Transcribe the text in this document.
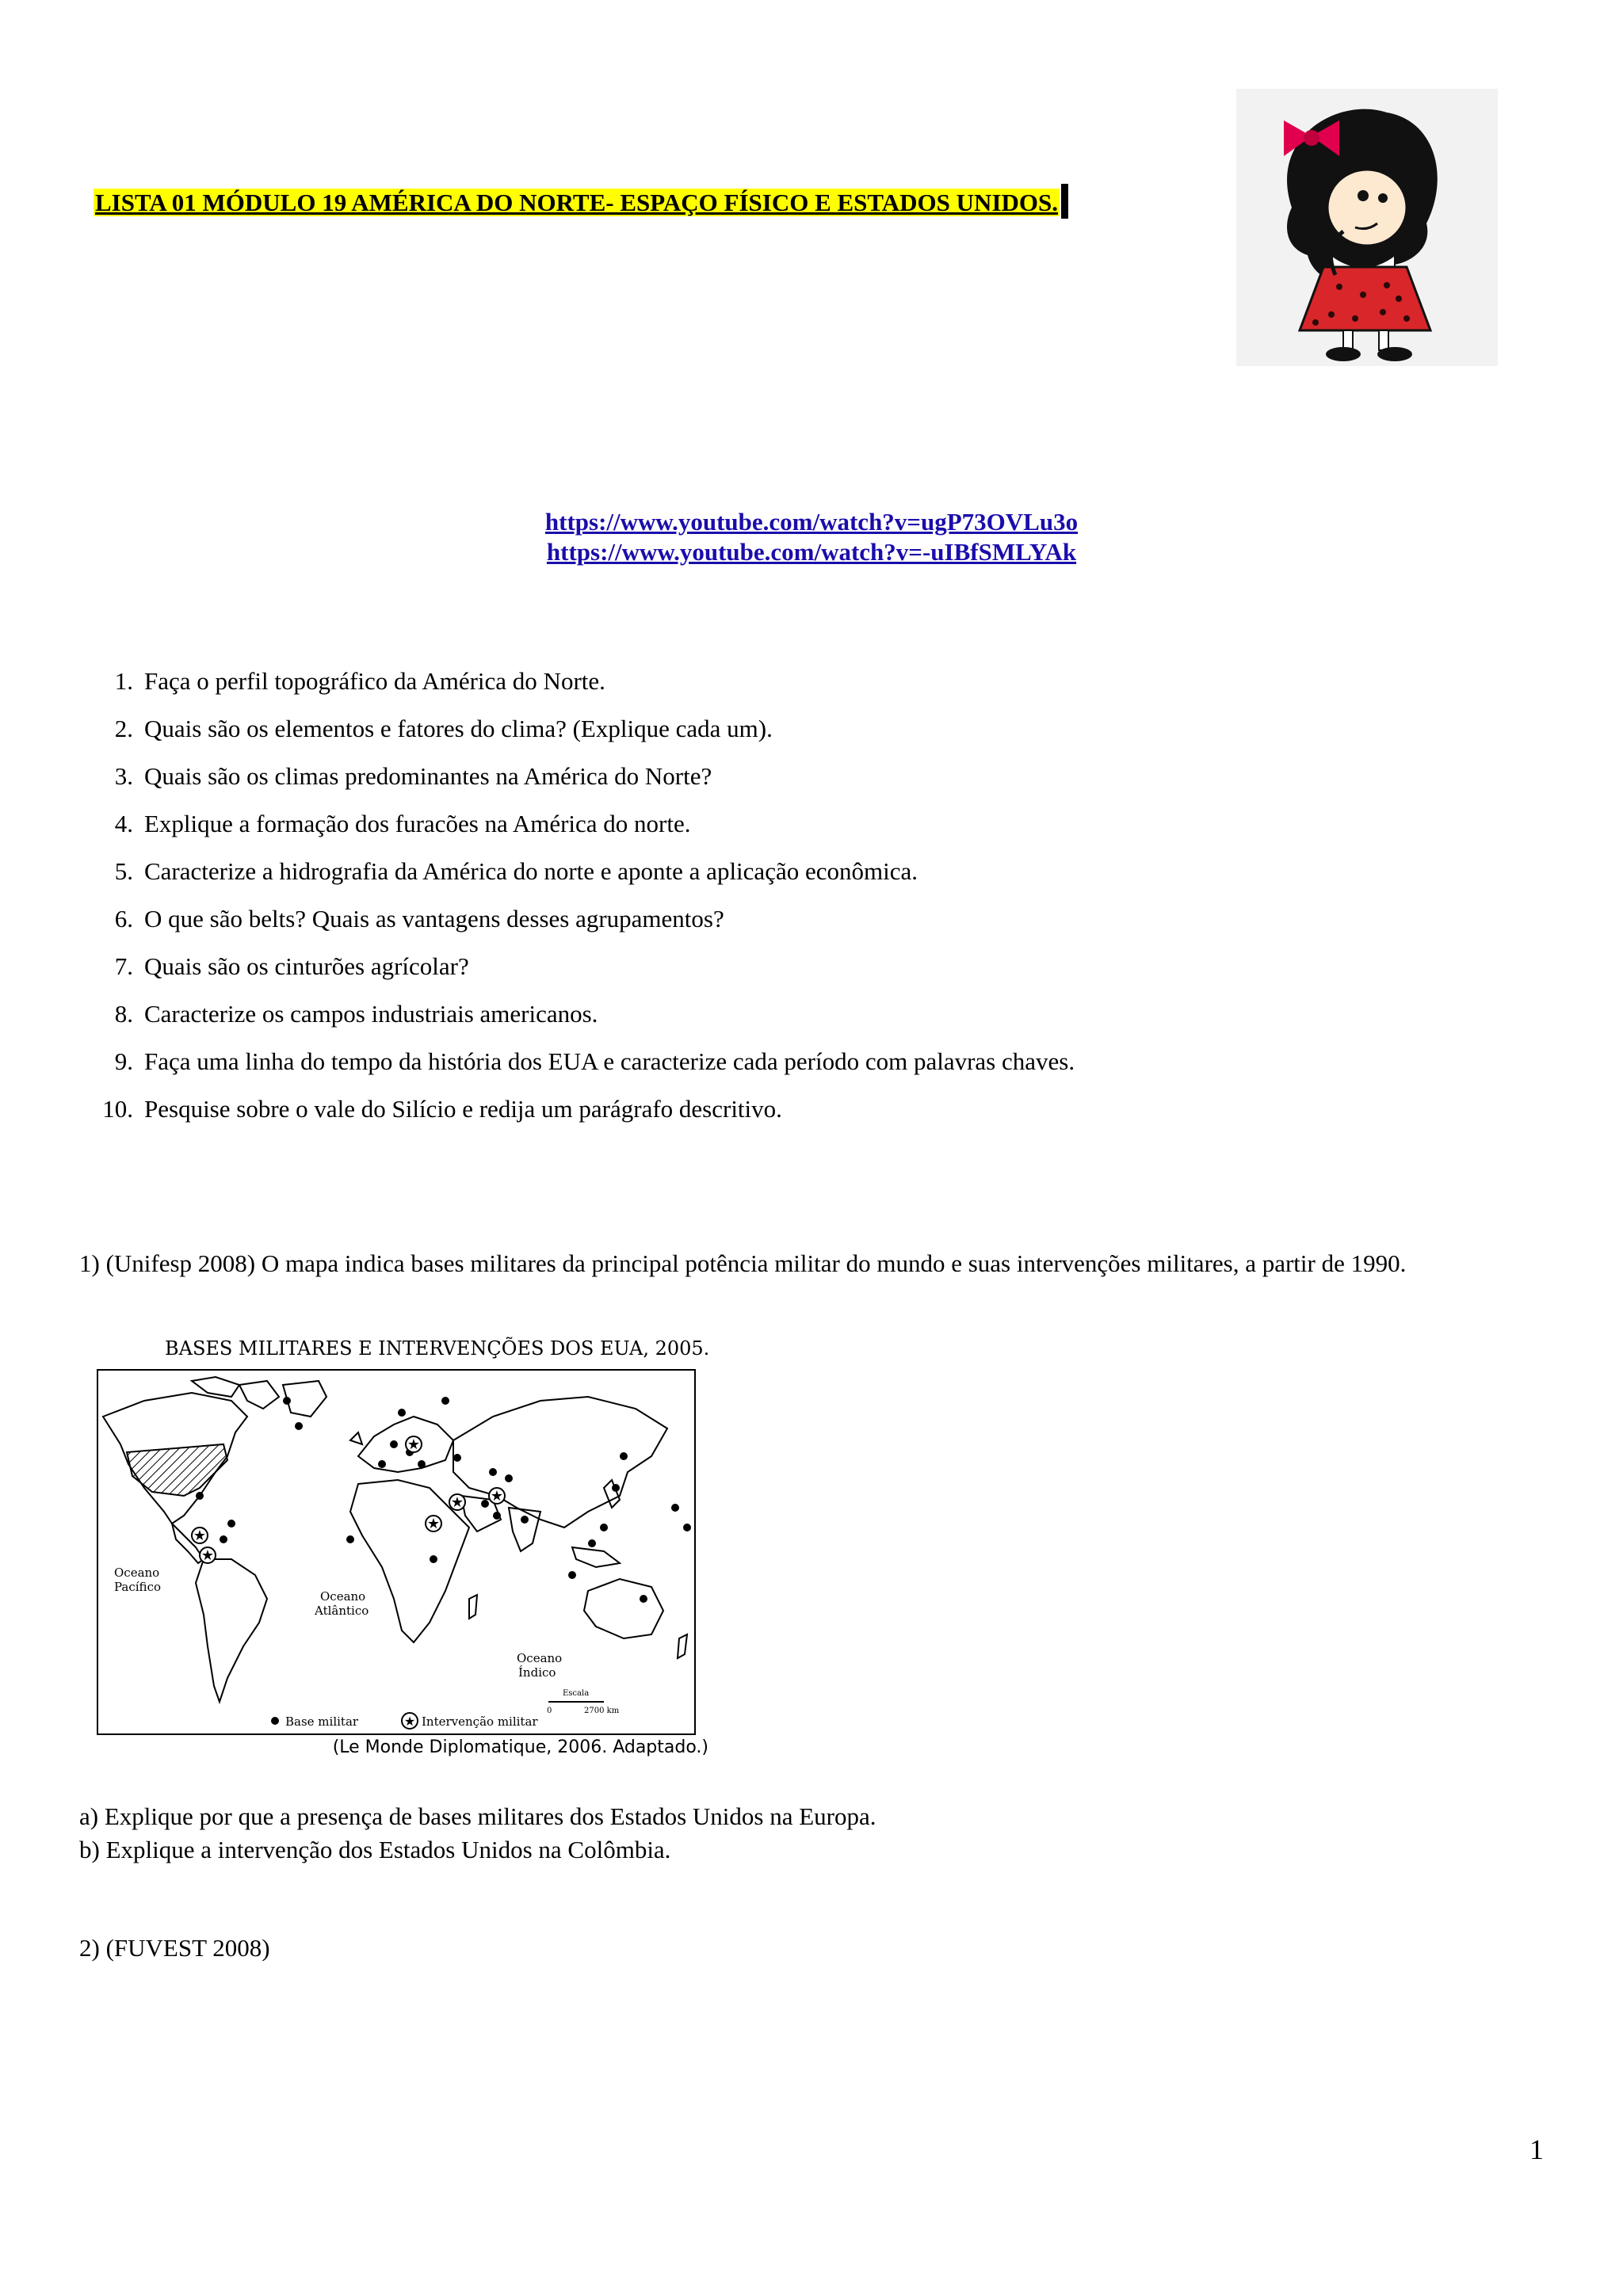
LISTA 01 MÓDULO 19 AMÉRICA DO NORTE- ESPAÇO FÍSICO E ESTADOS UNIDOS.
https://www.youtube.com/watch?v=ugP73OVLu3o
https://www.youtube.com/watch?v=-uIBfSMLYAk
1. Faça o perfil topográfico da América do Norte.
2. Quais são os elementos e fatores do clima? (Explique cada um).
3. Quais são os climas predominantes na América do Norte?
4. Explique a formação dos furacões na América do norte.
5. Caracterize a hidrografia da América do norte e aponte a aplicação econômica.
6. O que são belts? Quais as vantagens desses agrupamentos?
7. Quais são os cinturões agrícolar?
8. Caracterize os campos industriais americanos.
9. Faça uma linha do tempo da história dos EUA e caracterize cada período com palavras chaves.
10. Pesquise sobre o vale do Silício e redija um parágrafo descritivo.
1) (Unifesp 2008) O mapa indica bases militares da principal potência militar do mundo e suas intervenções militares, a partir de 1990.
BASES MILITARES E INTERVENÇÕES DOS EUA, 2005.
★
★ ★
★
★
★
Oceano Pacífico
Oceano Atlântico
Oceano Índico
Escala
0	2700 km
Base militar	★ Intervenção militar
(Le Monde Diplomatique, 2006. Adaptado.)
a) Explique por que a presença de bases militares dos Estados Unidos na Europa.
b) Explique a intervenção dos Estados Unidos na Colômbia.
2) (FUVEST 2008)
1
